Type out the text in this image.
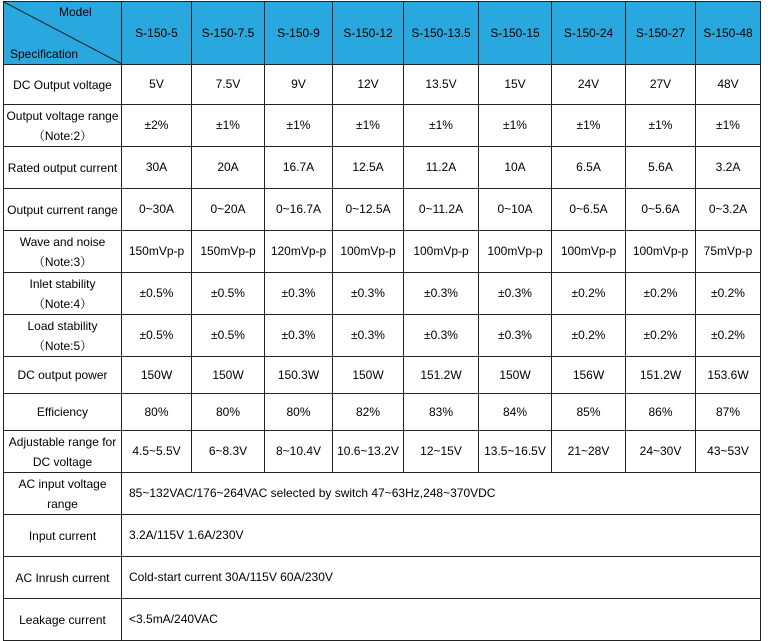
Model
Specification	S-150-5	S-150-7.5	S-150-9	S-150-12	S-150-13.5	S-150-15	S-150-24	S-150-27	S-150-48
DC Output voltage	5V	7.5V	9V	12V	13.5V	15V	24V	27V	48V
Output voltage range（Note:2）	±2%	±1%	±1%	±1%	±1%	±1%	±1%	±1%	±1%
Rated output current	30A	20A	16.7A	12.5A	11.2A	10A	6.5A	5.6A	3.2A
Output current range	0~30A	0~20A	0~16.7A	0~12.5A	0~11.2A	0~10A	0~6.5A	0~5.6A	0~3.2A
Wave and noise （Note:3）	150mVp-p	150mVp-p	120mVp-p	100mVp-p	100mVp-p	100mVp-p	100mVp-p	100mVp-p	75mVp-p
Inlet stability （Note:4）	±0.5%	±0.5%	±0.3%	±0.3%	±0.3%	±0.3%	±0.2%	±0.2%	±0.2%
Load stability （Note:5）	±0.5%	±0.5%	±0.3%	±0.3%	±0.3%	±0.3%	±0.2%	±0.2%	±0.2%
DC output power	150W	150W	150.3W	150W	151.2W	150W	156W	151.2W	153.6W
Efficiency	80%	80%	80%	82%	83%	84%	85%	86%	87%
Adjustable range for DC voltage	4.5~5.5V	6~8.3V	8~10.4V	10.6~13.2V	12~15V	13.5~16.5V	21~28V	24~30V	43~53V
AC input voltage range	85~132VAC/176~264VAC selected by switch 47~63Hz,248~370VDC								
Input current	3.2A/115V 1.6A/230V								
AC Inrush current	Cold-start current 30A/115V 60A/230V								
Leakage current	<3.5mA/240VAC								
